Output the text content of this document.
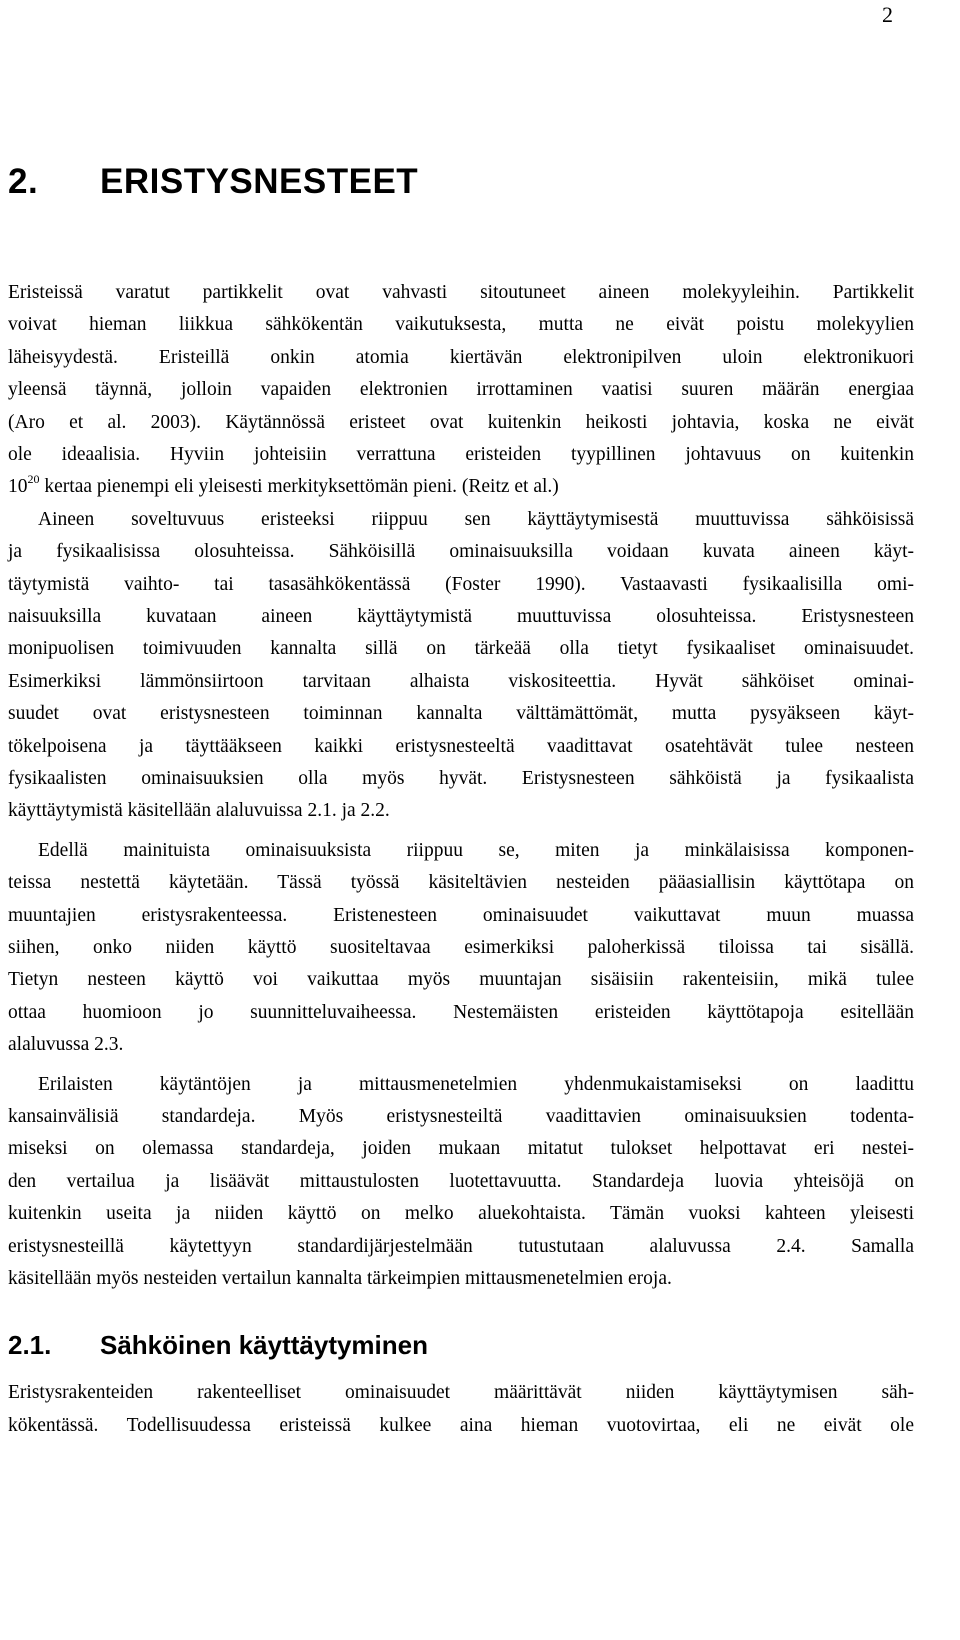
2
2. ERISTYSNESTEET
Eristeissä varatut partikkelit ovat vahvasti sitoutuneet aineen molekyyleihin. Partikkelit
voivat hieman liikkua sähkökentän vaikutuksesta, mutta ne eivät poistu molekyylien
läheisyydestä. Eristeillä onkin atomia kiertävän elektronipilven uloin elektronikuori
yleensä täynnä, jolloin vapaiden elektronien irrottaminen vaatisi suuren määrän energiaa
(Aro et al. 2003). Käytännössä eristeet ovat kuitenkin heikosti johtavia, koska ne eivät
ole ideaalisia. Hyviin johteisiin verrattuna eristeiden tyypillinen johtavuus on kuitenkin
$10^{20}$ kertaa pienempi eli yleisesti merkityksettömän pieni. (Reitz et al.)
Aineen soveltuvuus eristeeksi riippuu sen käyttäytymisestä muuttuvissa sähköisissä
ja fysikaalisissa olosuhteissa. Sähköisillä ominaisuuksilla voidaan kuvata aineen käyt-
täytymistä vaihto- tai tasasähkökentässä (Foster 1990). Vastaavasti fysikaalisilla omi-
naisuuksilla kuvataan aineen käyttäytymistä muuttuvissa olosuhteissa. Eristysnesteen
monipuolisen toimivuuden kannalta sillä on tärkeää olla tietyt fysikaaliset ominaisuudet.
Esimerkiksi lämmönsiirtoon tarvitaan alhaista viskositeettia. Hyvät sähköiset ominai-
suudet ovat eristysnesteen toiminnan kannalta välttämättömät, mutta pysyäkseen käyt-
tökelpoisena ja täyttääkseen kaikki eristysnesteeltä vaadittavat osatehtävät tulee nesteen
fysikaalisten ominaisuuksien olla myös hyvät. Eristysnesteen sähköistä ja fysikaalista
käyttäytymistä käsitellään alaluvuissa 2.1. ja 2.2.
Edellä mainituista ominaisuuksista riippuu se, miten ja minkälaisissa komponen-
teissa nestettä käytetään. Tässä työssä käsiteltävien nesteiden pääasiallisin käyttötapa on
muuntajien eristysrakenteessa. Eristenesteen ominaisuudet vaikuttavat muun muassa
siihen, onko niiden käyttö suositeltavaa esimerkiksi paloherkissä tiloissa tai sisällä.
Tietyn nesteen käyttö voi vaikuttaa myös muuntajan sisäisiin rakenteisiin, mikä tulee
ottaa huomioon jo suunnitteluvaiheessa. Nestemäisten eristeiden käyttötapoja esitellään
alaluvussa 2.3.
Erilaisten käytäntöjen ja mittausmenetelmien yhdenmukaistamiseksi on laadittu
kansainvälisiä standardeja. Myös eristysnesteiltä vaadittavien ominaisuuksien todenta-
miseksi on olemassa standardeja, joiden mukaan mitatut tulokset helpottavat eri nestei-
den vertailua ja lisäävät mittaustulosten luotettavuutta. Standardeja luovia yhteisöjä on
kuitenkin useita ja niiden käyttö on melko aluekohtaista. Tämän vuoksi kahteen yleisesti
eristysnesteillä käytettyyn standardijärjestelmään tutustutaan alaluvussa 2.4. Samalla
käsitellään myös nesteiden vertailun kannalta tärkeimpien mittausmenetelmien eroja.
2.1. Sähköinen käyttäytyminen
Eristysrakenteiden rakenteelliset ominaisuudet määrittävät niiden käyttäytymisen säh-
kökentässä. Todellisuudessa eristeissä kulkee aina hieman vuotovirtaa, eli ne eivät ole
